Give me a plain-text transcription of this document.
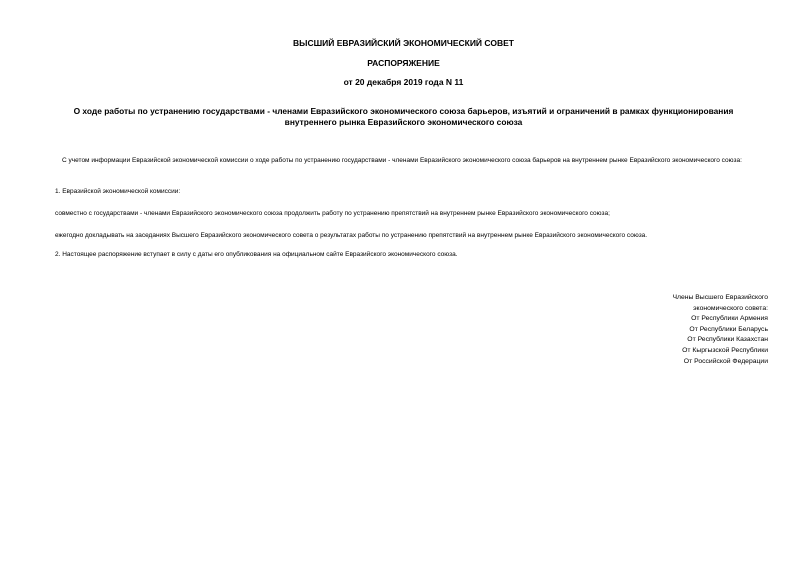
ВЫСШИЙ ЕВРАЗИЙСКИЙ ЭКОНОМИЧЕСКИЙ СОВЕТ
РАСПОРЯЖЕНИЕ
от 20 декабря 2019 года N 11
О ходе работы по устранению государствами - членами Евразийского экономического союза барьеров, изъятий и ограничений в рамках функционирования
внутреннего рынка Евразийского экономического союза

С учетом информации Евразийской экономической комиссии о ходе работы по устранению государствами - членами Евразийского экономического союза барьеров на внутреннем рынке Евразийского экономического союза:

1. Евразийской экономической комиссии:

совместно с государствами - членами Евразийского экономического союза продолжить работу по устранению препятствий на внутреннем рынке Евразийского экономического союза;

ежегодно докладывать на заседаниях Высшего Евразийского экономического совета о результатах работы по устранению препятствий на внутреннем рынке Евразийского экономического союза.

2. Настоящее распоряжение вступает в силу с даты его опубликования на официальном сайте Евразийского экономического союза.

Члены Высшего Евразийского
экономического совета:
От Республики Армения
От Республики Беларусь
От Республики Казахстан
От Кыргызской Республики
От Российской Федерации
